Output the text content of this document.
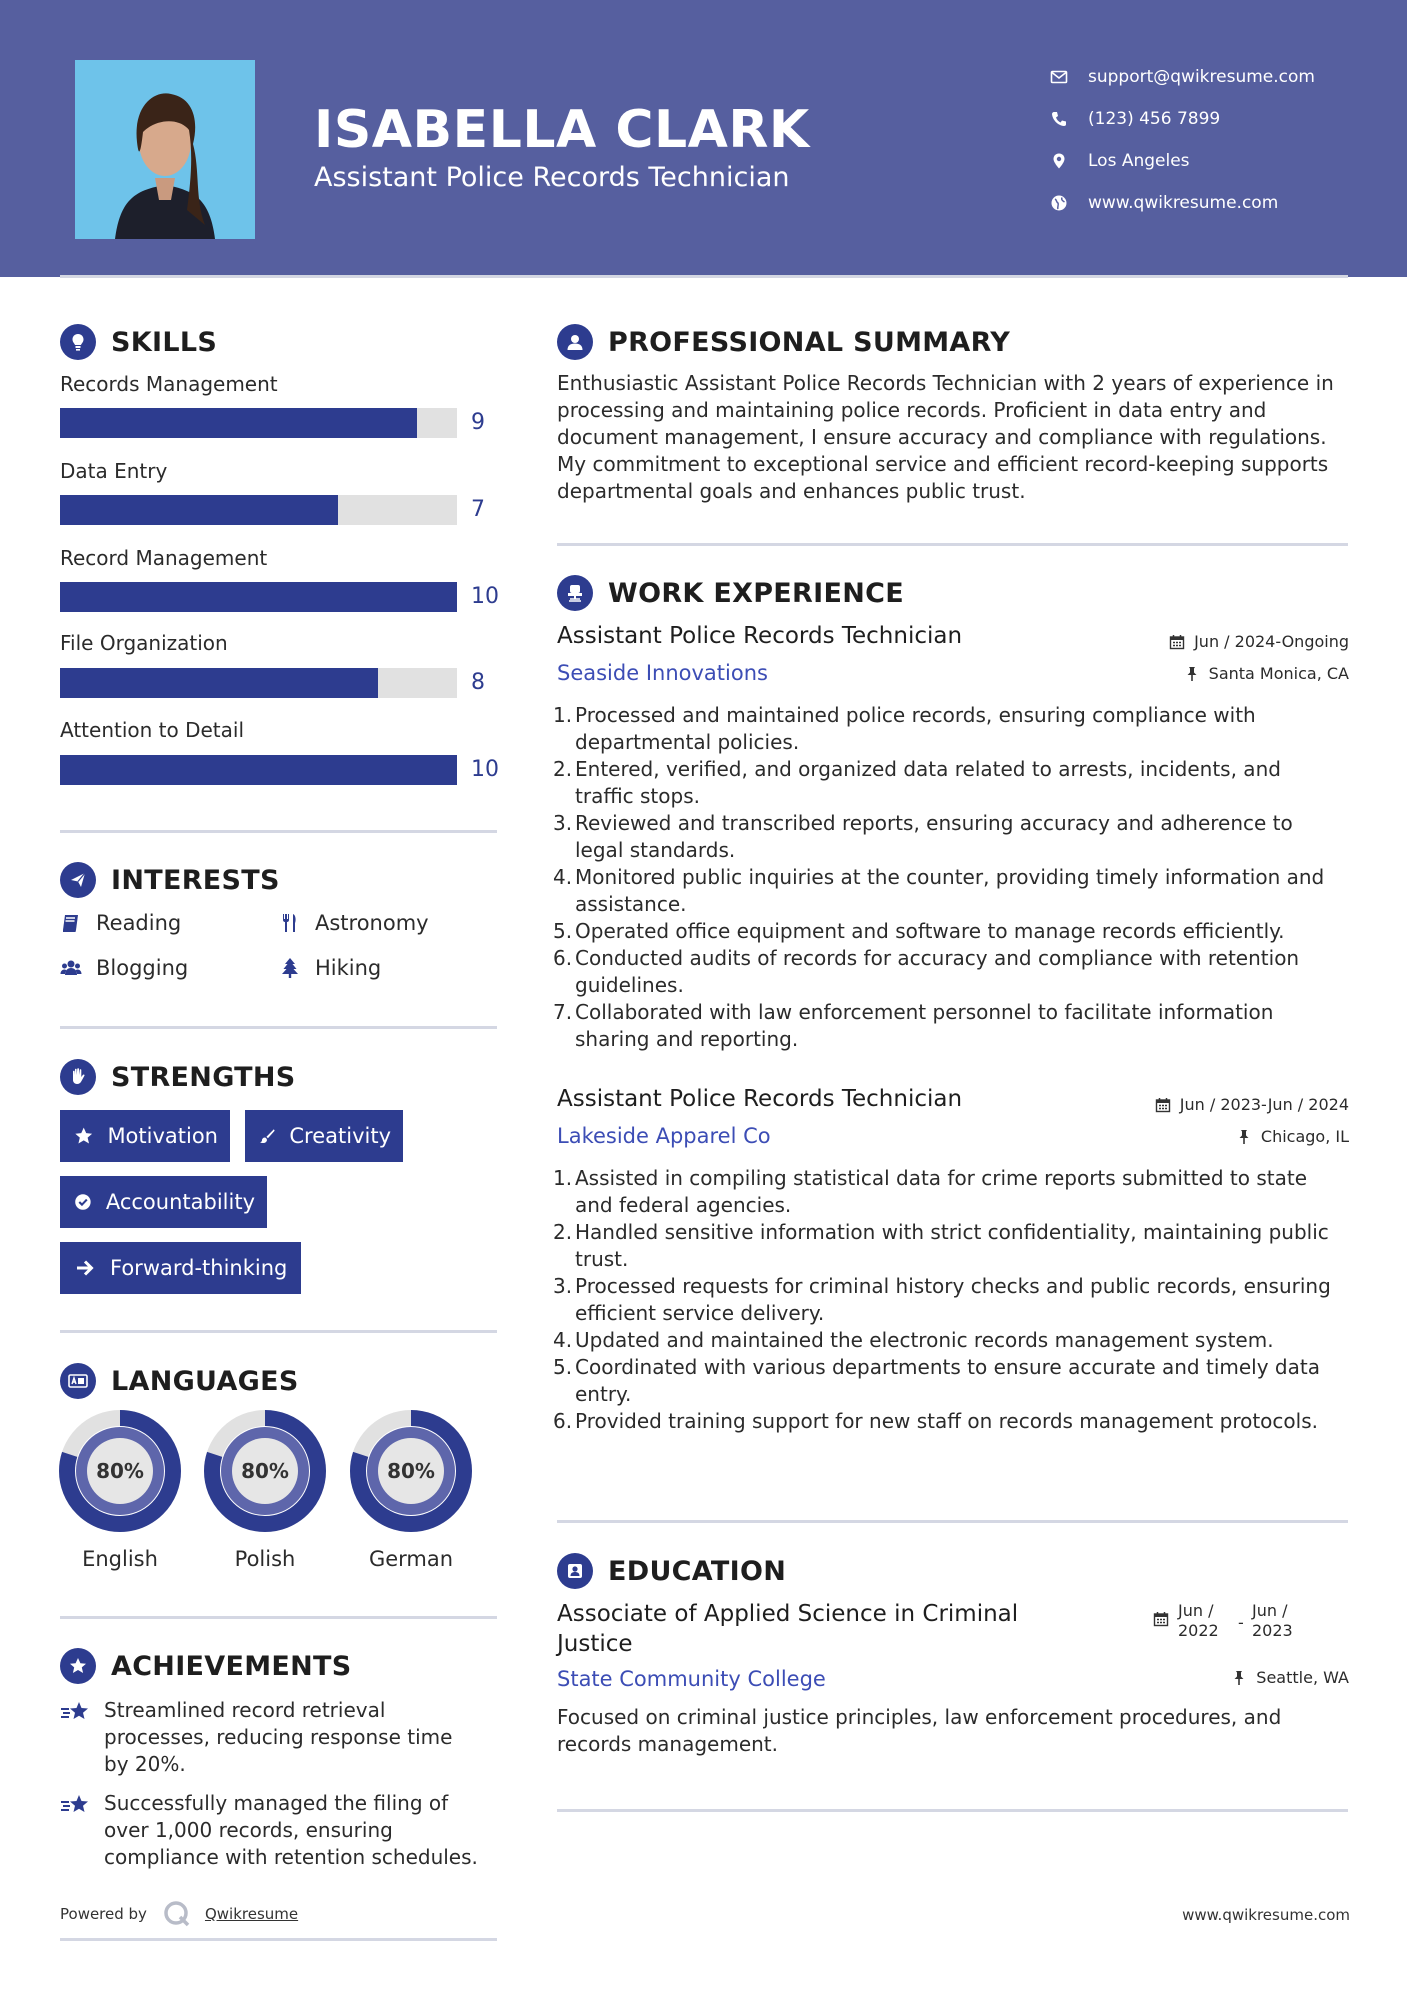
ISABELLA CLARK
Assistant Police Records Technician
support@qwikresume.com
(123) 456 7899
Los Angeles
www.qwikresume.com
SKILLS
Records Management
9
Data Entry
7
Record Management
10
File Organization
8
Attention to Detail
10
INTERESTS
Reading	Astronomy
Blogging	Hiking
STRENGTHS
Motivation	Creativity
Accountability
Forward-thinking
LANGUAGES
80%
English
80%
Polish
80%
German
ACHIEVEMENTS
Streamlined record retrieval processes, reducing response time by 20%.
Successfully managed the filing of over 1,000 records, ensuring compliance with retention schedules.
Powered by	Qwikresume
PROFESSIONAL SUMMARY
Enthusiastic Assistant Police Records Technician with 2 years of experience in processing and maintaining police records. Proficient in data entry and document management, I ensure accuracy and compliance with regulations. My commitment to exceptional service and efficient record-keeping supports departmental goals and enhances public trust.
WORK EXPERIENCE
Assistant Police Records Technician	Jun / 2024-Ongoing
Seaside Innovations	Santa Monica, CA
1. Processed and maintained police records, ensuring compliance with departmental policies.
2. Entered, verified, and organized data related to arrests, incidents, and traffic stops.
3. Reviewed and transcribed reports, ensuring accuracy and adherence to legal standards.
4. Monitored public inquiries at the counter, providing timely information and assistance.
5. Operated office equipment and software to manage records efficiently.
6. Conducted audits of records for accuracy and compliance with retention guidelines.
7. Collaborated with law enforcement personnel to facilitate information sharing and reporting.
Assistant Police Records Technician	Jun / 2023-Jun / 2024
Lakeside Apparel Co	Chicago, IL
1. Assisted in compiling statistical data for crime reports submitted to state and federal agencies.
2. Handled sensitive information with strict confidentiality, maintaining public trust.
3. Processed requests for criminal history checks and public records, ensuring efficient service delivery.
4. Updated and maintained the electronic records management system.
5. Coordinated with various departments to ensure accurate and timely data entry.
6. Provided training support for new staff on records management protocols.
EDUCATION
Associate of Applied Science in Criminal Justice
Jun / 2022	-
Jun / 2023
State Community College	Seattle, WA
Focused on criminal justice principles, law enforcement procedures, and records management.
www.qwikresume.com
